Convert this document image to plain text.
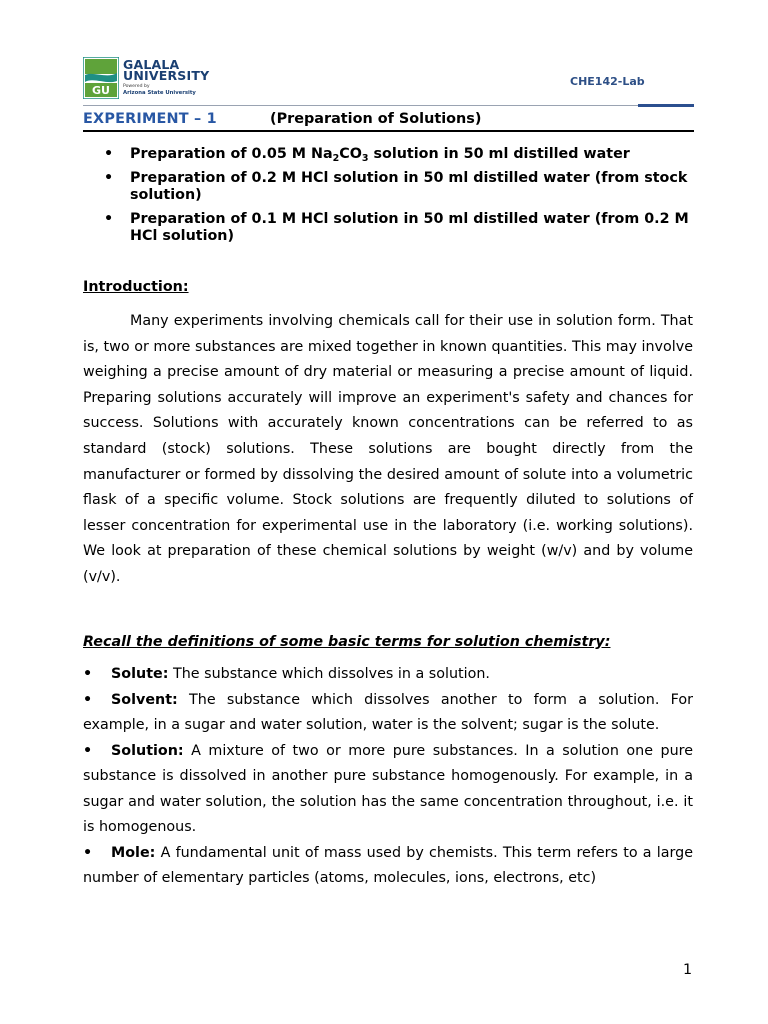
GU
GALALA
UNIVERSITY
Powered by
Arizona State University
CHE142-Lab
EXPERIMENT – 1	(Preparation of Solutions)
• Preparation of 0.05 M $Na_2CO_3$ solution in 50 ml distilled water
• Preparation of 0.2 M HCl solution in 50 ml distilled water (from stock solution)
• Preparation of 0.1 M HCl solution in 50 ml distilled water (from 0.2 M HCl solution)
Introduction:

Many experiments involving chemicals call for their use in solution form. That is, two or more substances are mixed together in known quantities. This may involve weighing a precise amount of dry material or measuring a precise amount of liquid. Preparing solutions accurately will improve an experiment's safety and chances for success. Solutions with accurately known concentrations can be referred to as standard (stock) solutions. These solutions are bought directly from the manufacturer or formed by dissolving the desired amount of solute into a volumetric flask of a specific volume. Stock solutions are frequently diluted to solutions of lesser concentration for experimental use in the laboratory (i.e. working solutions). We look at preparation of these chemical solutions by weight (w/v) and by volume (v/v).

Recall the definitions of some basic terms for solution chemistry:

• Solute: The substance which dissolves in a solution.

• Solvent: The substance which dissolves another to form a solution. For example, in a sugar and water solution, water is the solvent; sugar is the solute.

• Solution: A mixture of two or more pure substances. In a solution one pure substance is dissolved in another pure substance homogenously. For example, in a sugar and water solution, the solution has the same concentration throughout, i.e. it is homogenous.

• Mole: A fundamental unit of mass used by chemists. This term refers to a large number of elementary particles (atoms, molecules, ions, electrons, etc)

1
